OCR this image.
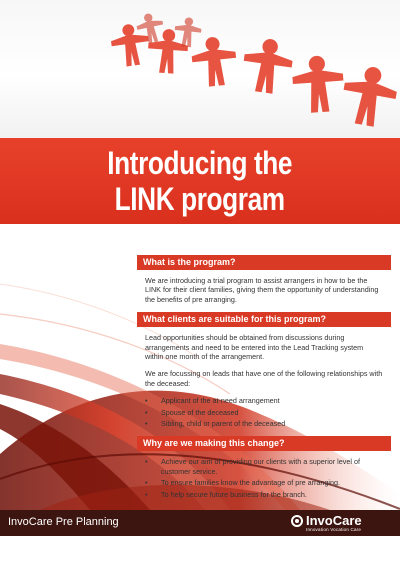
Introducing the
LINK program
What is the program?

We are introducing a trial program to assist arrangers in how to be the LINK for their client families, giving them the opportunity of understanding the benefits of pre arranging.

What clients are suitable for this program?

Lead opportunities should be obtained from discussions during arrangements and need to be entered into the Lead Tracking system within one month of the arrangement.

We are focussing on leads that have one of the following relationships with the deceased:

• Applicant of the at-need arrangement
• Spouse of the deceased
• Sibling, child or parent of the deceased
Why are we making this change?
• Achieve our aim of providing our clients with a superior level of customer service.
• To ensure families know the advantage of pre arranging.
• To help secure future business for the branch.
InvoCare Pre Planning	InvoCare
Innovation Vocation Care
